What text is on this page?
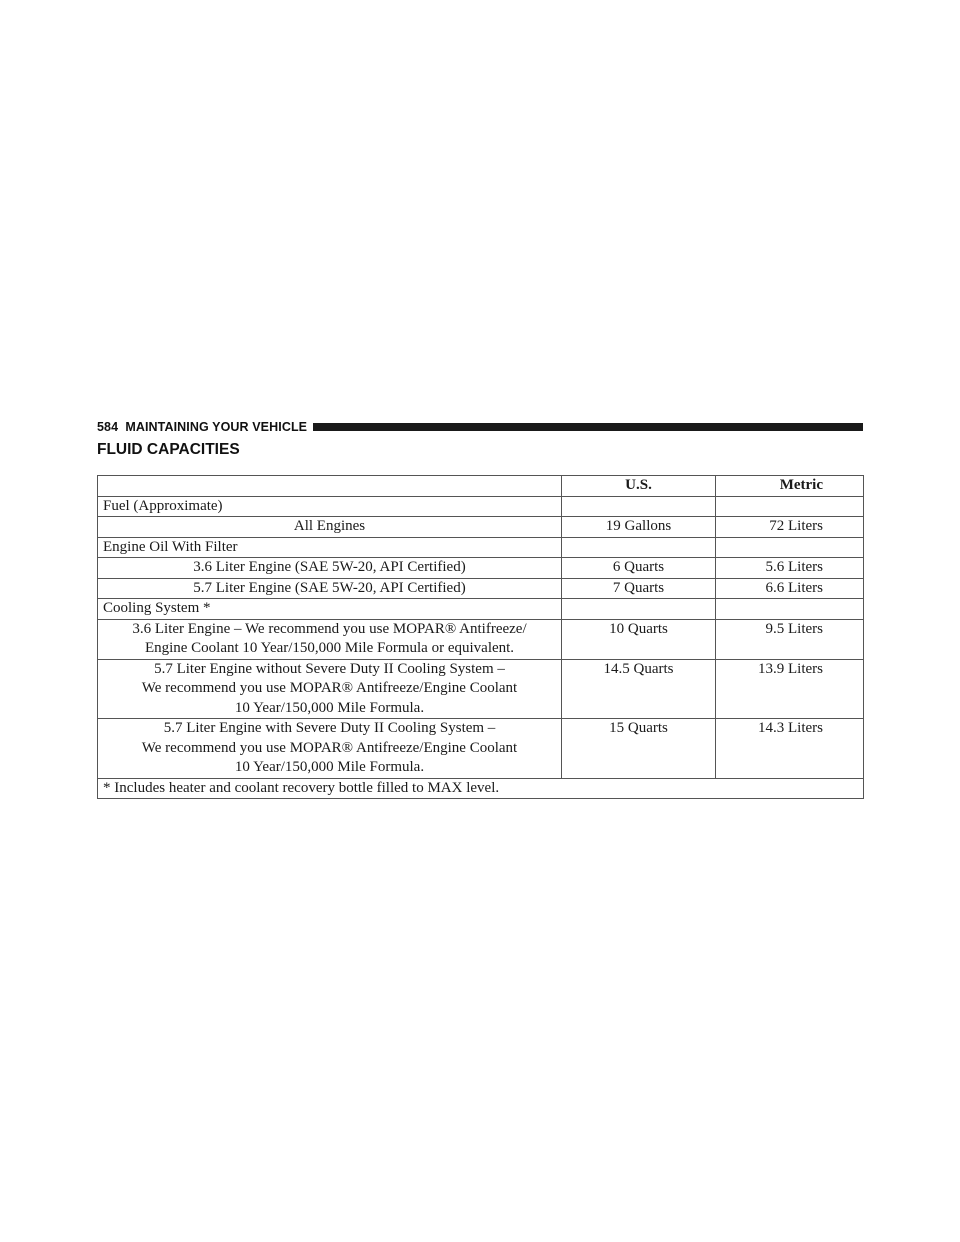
584 MAINTAINING YOUR VEHICLE
FLUID CAPACITIES
	U.S.	Metric
Fuel (Approximate)		
All Engines	19 Gallons	72 Liters
Engine Oil With Filter		
3.6 Liter Engine (SAE 5W-20, API Certified)	6 Quarts	5.6 Liters
5.7 Liter Engine (SAE 5W-20, API Certified)	7 Quarts	6.6 Liters
Cooling System *		

3.6 Liter Engine – We recommend you use MOPAR® Antifreeze/
Engine Coolant 10 Year/150,000 Mile Formula or equivalent.	10 Quarts	9.5 Liters

5.7 Liter Engine without Severe Duty II Cooling System –
We recommend you use MOPAR® Antifreeze/Engine Coolant
10 Year/150,000 Mile Formula.	14.5 Quarts	13.9 Liters

5.7 Liter Engine with Severe Duty II Cooling System –
We recommend you use MOPAR® Antifreeze/Engine Coolant
10 Year/150,000 Mile Formula.	15 Quarts	14.3 Liters
* Includes heater and coolant recovery bottle filled to MAX level.		
